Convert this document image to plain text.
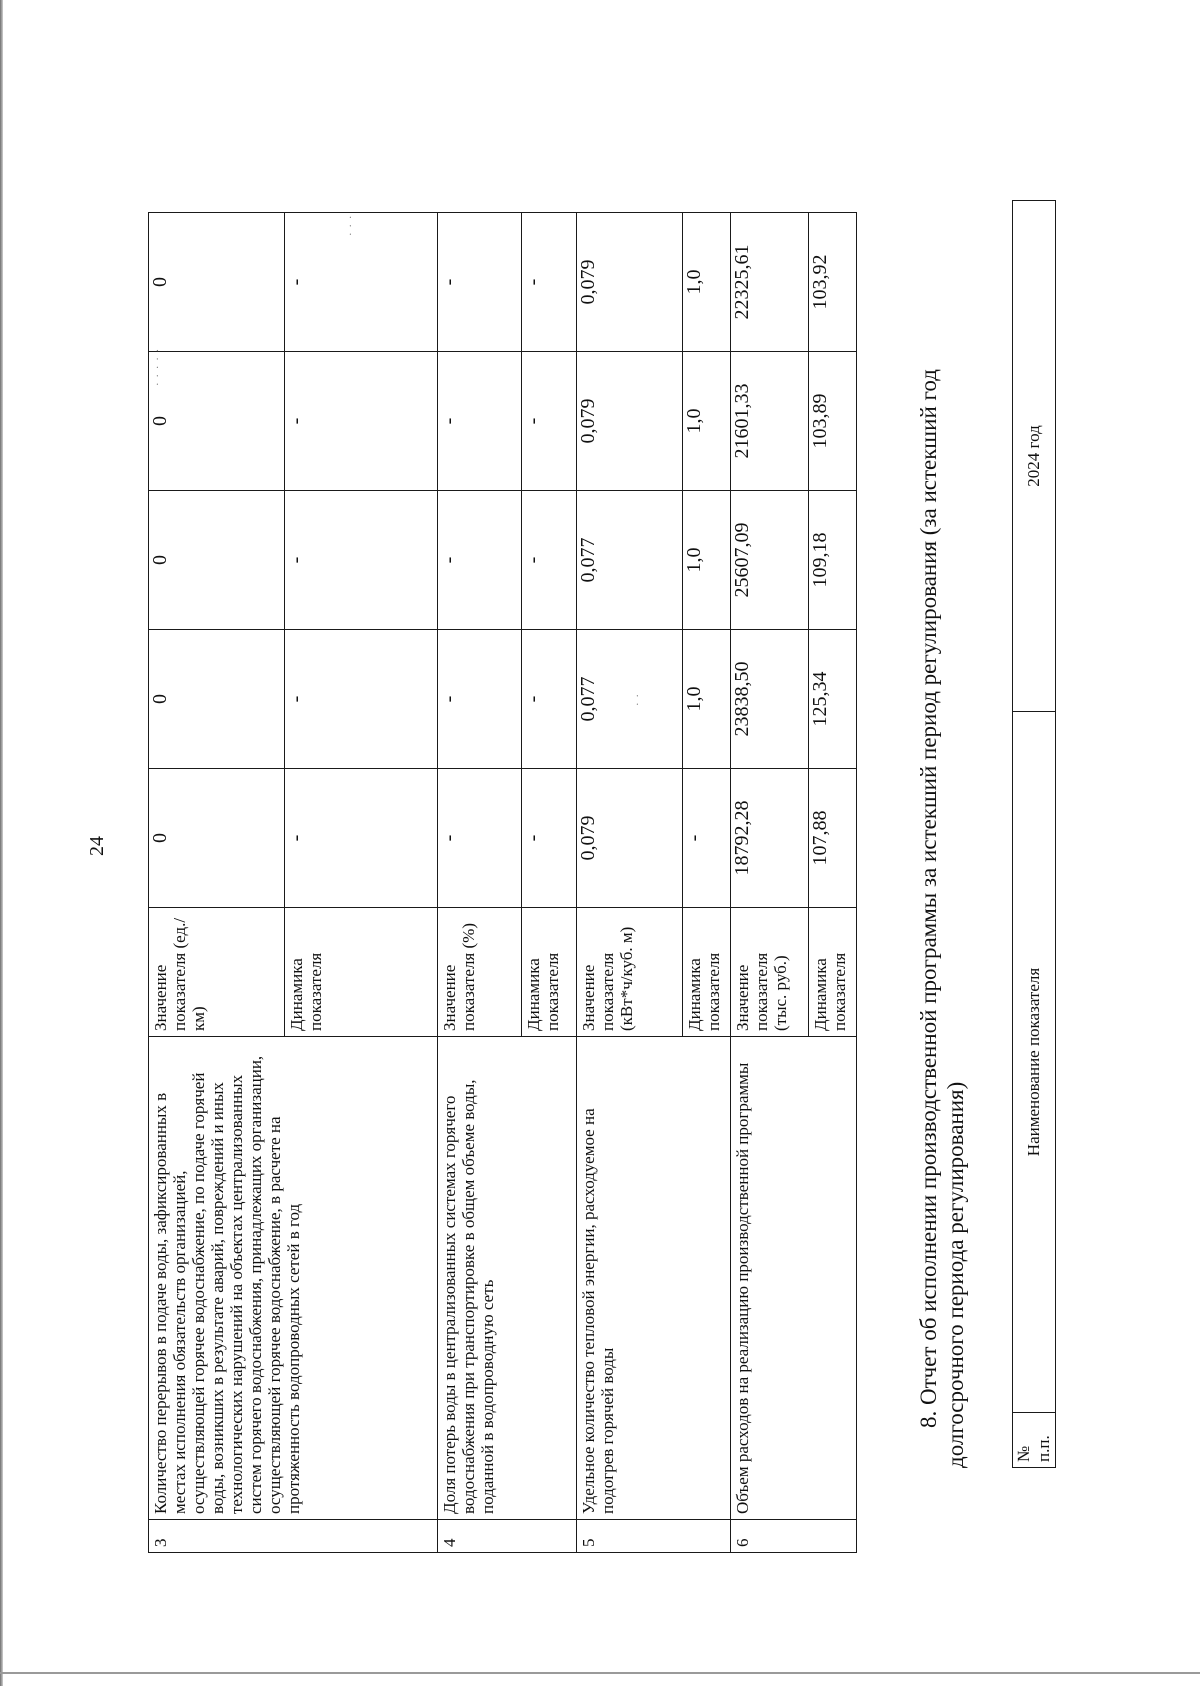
24
3	Количество перерывов в подаче воды, зафиксированных в местах исполнения обязательств организацией, осуществляющей горячее водоснабжение, по подаче горячей воды, возникших в результате аварий, повреждений и иных технологических нарушений на объектах централизованных систем горячего водоснабжения, принадлежащих организации, осуществляющей горячее водоснабжение, в расчете на протяженность водопроводных сетей в год	Значение показателя (ед./км)	0	0	0	0	0
		Динамика показателя	-	-	-	-	-
4	Доля потерь воды в централизованных системах горячего водоснабжения при транспортировке в общем объеме воды, поданной в водопроводную сеть	Значение показателя (%)	-	-	-	-	-
		Динамика показателя	-	-	-	-	-
5	Удельное количество тепловой энергии, расходуемое на подогрев горячей воды	Значение показателя (кВт*ч/куб. м)	0,079	0,077	0,077	0,079	0,079
		Динамика показателя	-	1,0	1,0	1,0	1,0
6	Объем расходов на реализацию производственной программы	Значение показателя (тыс. руб.)	18792,28	23838,50	25607,09	21601,33	22325,61
		Динамика показателя	107,88	125,34	109,18	103,89	103,92
8. Отчет об исполнении производственной программы за истекший период регулирования (за истекший год долгосрочного периода регулирования)	№ п.п.	Наименование показателя	2024 год
· · · · ·
· · ·
· ·
